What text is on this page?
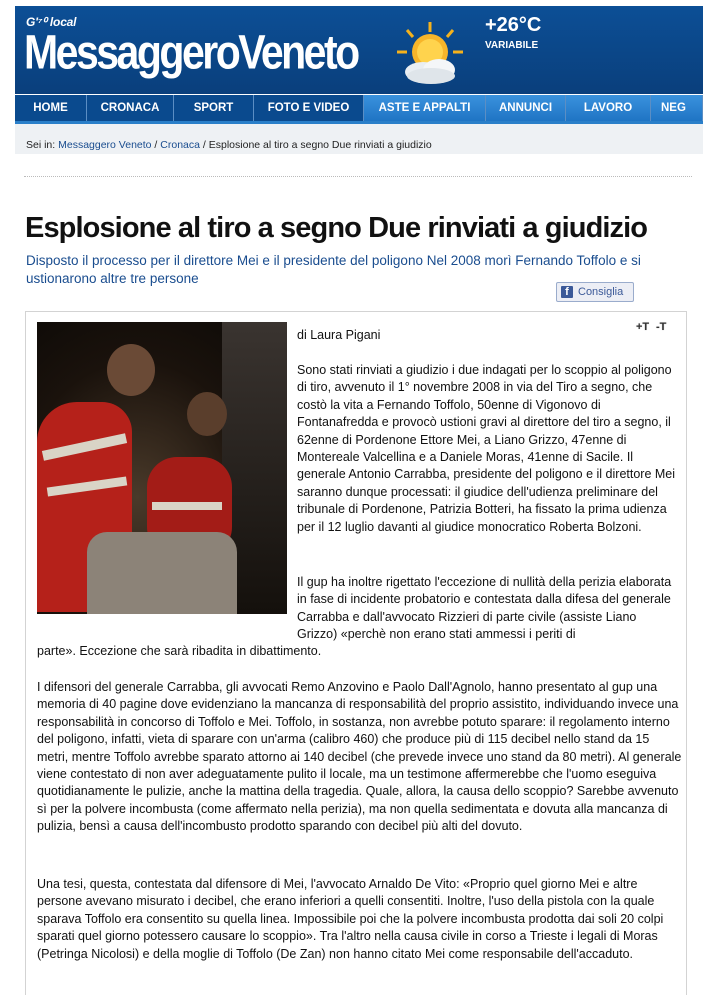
G'⁷⁰ local
MessaggeroVeneto	+26°C
VARIABILE
HOME	CRONACA	SPORT	FOTO E VIDEO	ASTE E APPALTI	ANNUNCI	LAVORO	NEG
Sei in: Messaggero Veneto / Cronaca / Esplosione al tiro a segno Due rinviati a giudizio
Esplosione al tiro a segno Due rinviati a giudizio
Disposto il processo per il direttore Mei e il presidente del poligono Nel 2008 morì Fernando Toffolo e si ustionarono altre tre persone
f Consiglia
+T -T
di Laura Pigani
Sono stati rinviati a giudizio i due indagati per lo scoppio al poligono di tiro, avvenuto il 1° novembre 2008 in via del Tiro a segno, che costò la vita a Fernando Toffolo, 50enne di Vigonovo di Fontanafredda e provocò ustioni gravi al direttore del tiro a segno, il 62enne di Pordenone Ettore Mei, a Liano Grizzo, 47enne di Montereale Valcellina e a Daniele Moras, 41enne di Sacile. Il generale Antonio Carrabba, presidente del poligono e il direttore Mei saranno dunque processati: il giudice dell'udienza preliminare del tribunale di Pordenone, Patrizia Botteri, ha fissato la prima udienza per il 12 luglio davanti al giudice monocratico Roberta Bolzoni.
Il gup ha inoltre rigettato l'eccezione di nullità della perizia elaborata in fase di incidente probatorio e contestata dalla difesa del generale Carrabba e dall'avvocato Rizzieri di parte civile (assiste Liano Grizzo) «perchè non erano stati ammessi i periti di
parte». Eccezione che sarà ribadita in dibattimento.
I difensori del generale Carrabba, gli avvocati Remo Anzovino e Paolo Dall'Agnolo, hanno presentato al gup una memoria di 40 pagine dove evidenziano la mancanza di responsabilità del proprio assistito, individuando invece una responsabilità in concorso di Toffolo e Mei. Toffolo, in sostanza, non avrebbe potuto sparare: il regolamento interno del poligono, infatti, vieta di sparare con un'arma (calibro 460) che produce più di 115 decibel nello stand da 15 metri, mentre Toffolo avrebbe sparato attorno ai 140 decibel (che prevede invece uno stand da 80 metri). Al generale viene contestato di non aver adeguatamente pulito il locale, ma un testimone affermerebbe che l'uomo eseguiva quotidianamente le pulizie, anche la mattina della tragedia. Quale, allora, la causa dello scoppio? Sarebbe avvenuto sì per la polvere incombusta (come affermato nella perizia), ma non quella sedimentata e dovuta alla mancanza di pulizia, bensì a causa dell'incombusto prodotto sparando con decibel più alti del dovuto.
Una tesi, questa, contestata dal difensore di Mei, l'avvocato Arnaldo De Vito: «Proprio quel giorno Mei e altre persone avevano misurato i decibel, che erano inferiori a quelli consentiti. Inoltre, l'uso della pistola con la quale sparava Toffolo era consentito su quella linea. Impossibile poi che la polvere incombusta prodotta dai soli 20 colpi sparati quel giorno potessero causare lo scoppio». Tra l'altro nella causa civile in corso a Trieste i legali di Moras (Petringa Nicolosi) e della moglie di Toffolo (De Zan) non hanno citato Mei come responsabile dell'accaduto.
